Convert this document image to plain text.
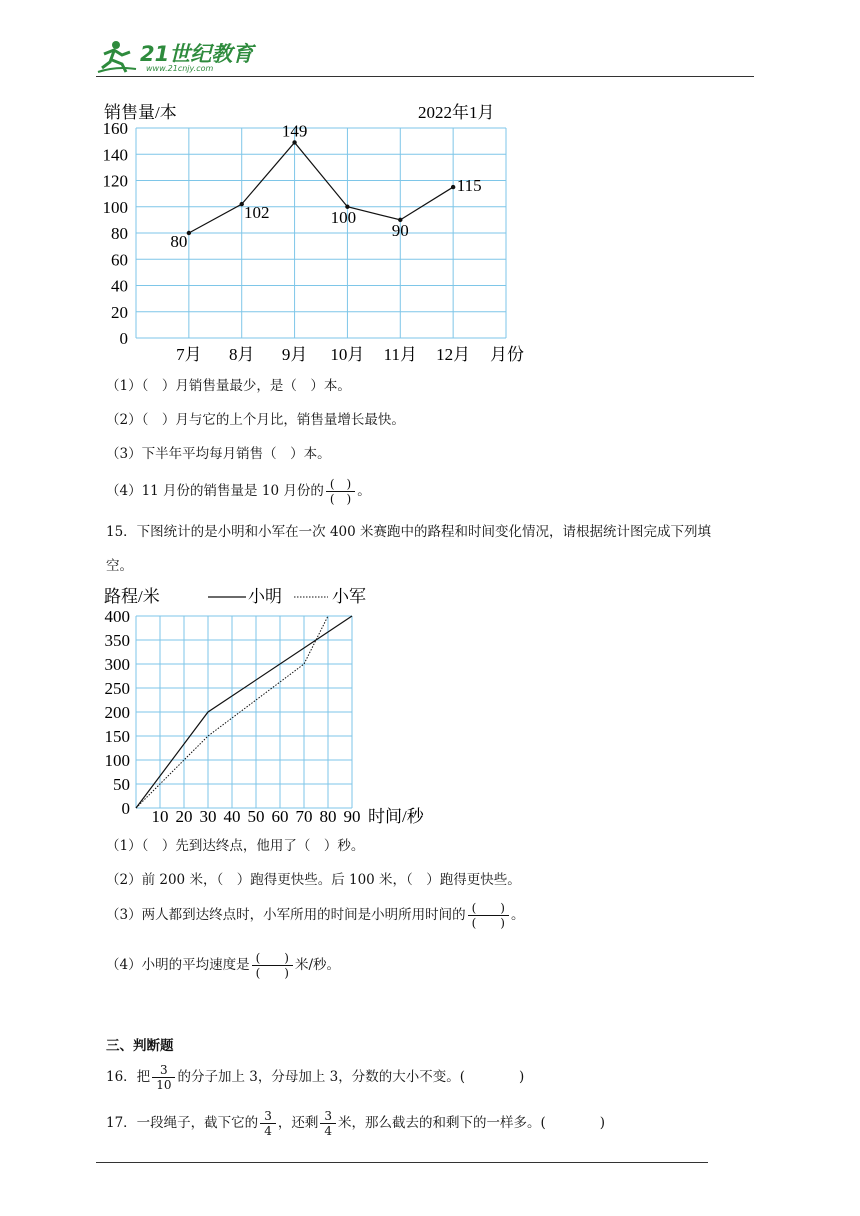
21世纪教育
www.21cnjy.com
0
20
40
60
80
100
120
140
160
7月 8月 9月 10月 11月 12月
80
102
149
100
90
115
销售量/本	2022年1月
月份
（1）（　）月销售量最少，是（　）本。
（2）（　）月与它的上个月比，销售量增长最快。
（3）下半年平均每月销售（　）本。
（4）11 月份的销售量是 10 月份的 $\frac{( )}{( )}$ 。
15．下图统计的是小明和小军在一次 400 米赛跑中的路程和时间变化情况，请根据统计图完成下列填
空。
0
50
100
150
200
250
300
350
400
10 20 30 40 50 60 70 80 90
路程/米	小明	小军
时间/秒
（1）（　）先到达终点，他用了（　）秒。
（2）前 200 米，（　）跑得更快些。后 100 米，（　）跑得更快些。
（3）两人都到达终点时，小军所用的时间是小明所用时间的 $\frac{( )}{( )}$ 。
（4）小明的平均速度是 $\frac{( )}{( )}$ 米/秒。
三、判断题
16．把 $\frac{3}{10}$ 的分子加上 3，分母加上 3，分数的大小不变。(　　　　)
17．一段绳子，截下它的 $\frac{3}{4}$ ，还剩 $\frac{3}{4}$ 米，那么截去的和剩下的一样多。(　　　　)
